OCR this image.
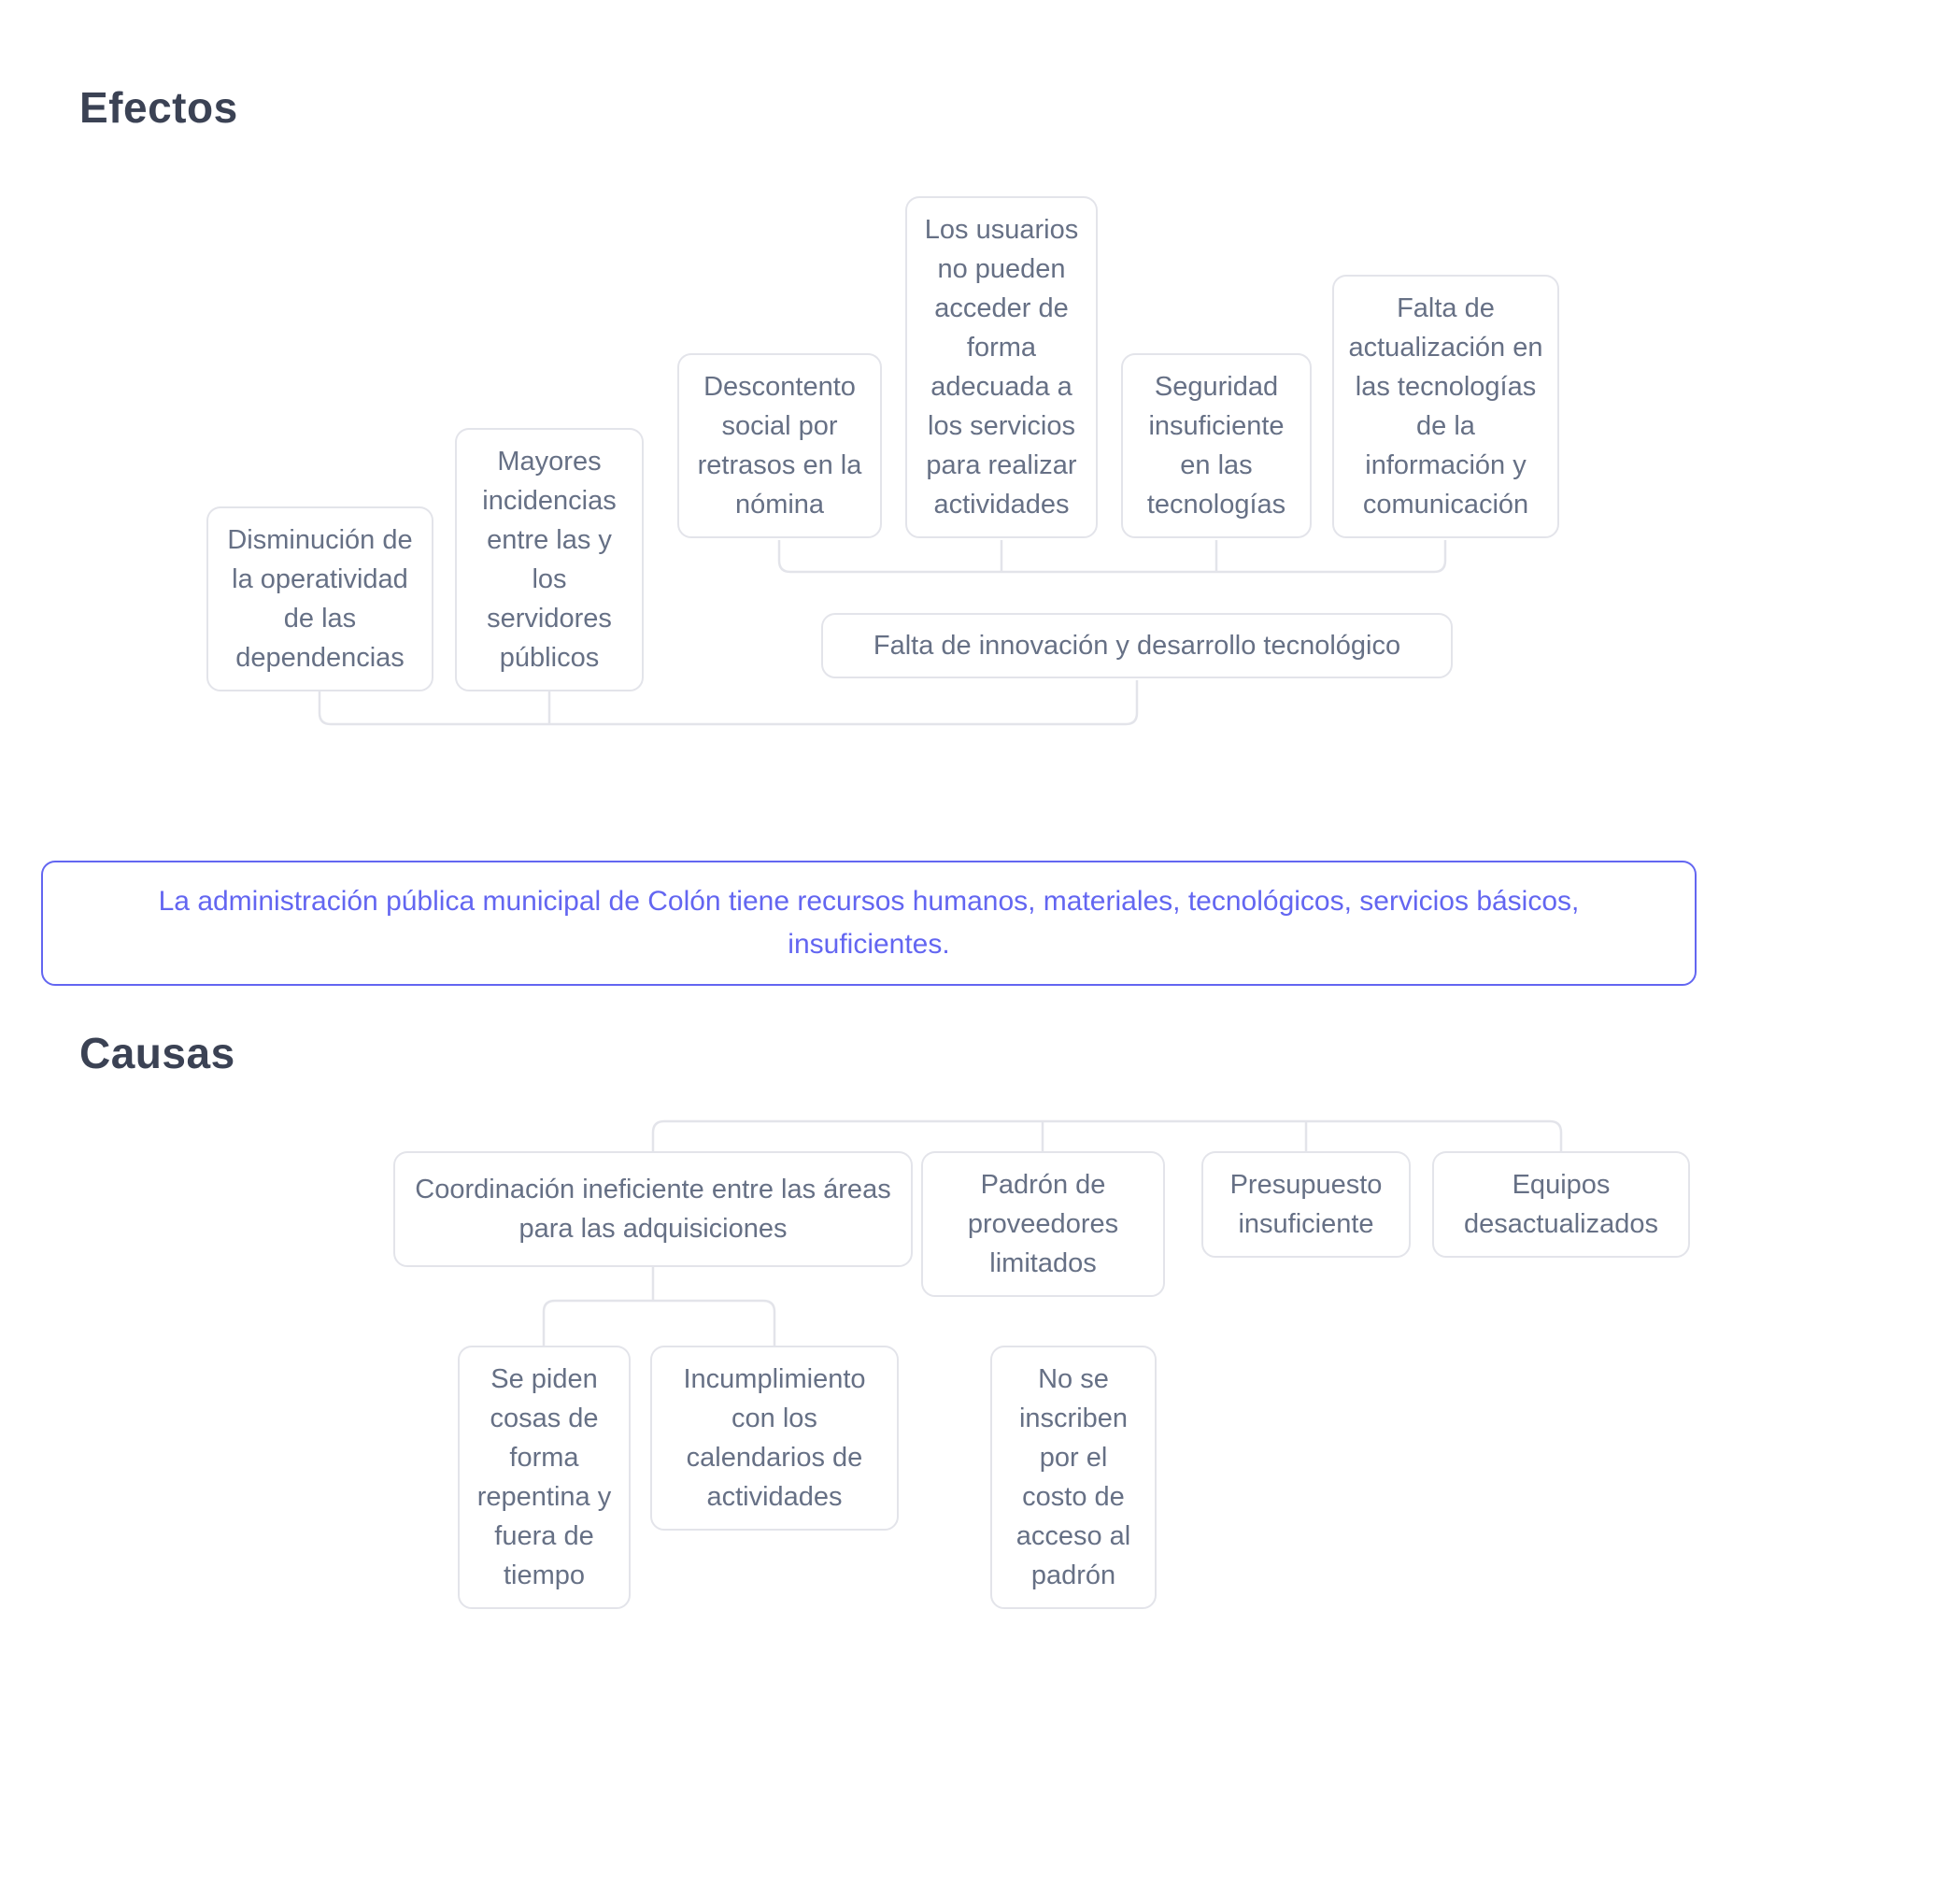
Efectos
Disminución de la operatividad de las dependencias
Mayores incidencias entre las y los servidores públicos
Descontento social por retrasos en la nómina
Los usuarios no pueden acceder de forma adecuada a los servicios para realizar actividades
Seguridad insuficiente en las tecnologías
Falta de actualización en las tecnologías de la información y comunicación
Falta de innovación y desarrollo tecnológico
La administración pública municipal de Colón tiene recursos humanos, materiales, tecnológicos, servicios básicos, insuficientes.
Causas
Coordinación ineficiente entre las áreas para las adquisiciones
Padrón de proveedores limitados
Presupuesto insuficiente
Equipos desactualizados
Se piden cosas de forma repentina y fuera de tiempo
Incumplimiento con los calendarios de actividades
No se inscriben por el costo de acceso al padrón
